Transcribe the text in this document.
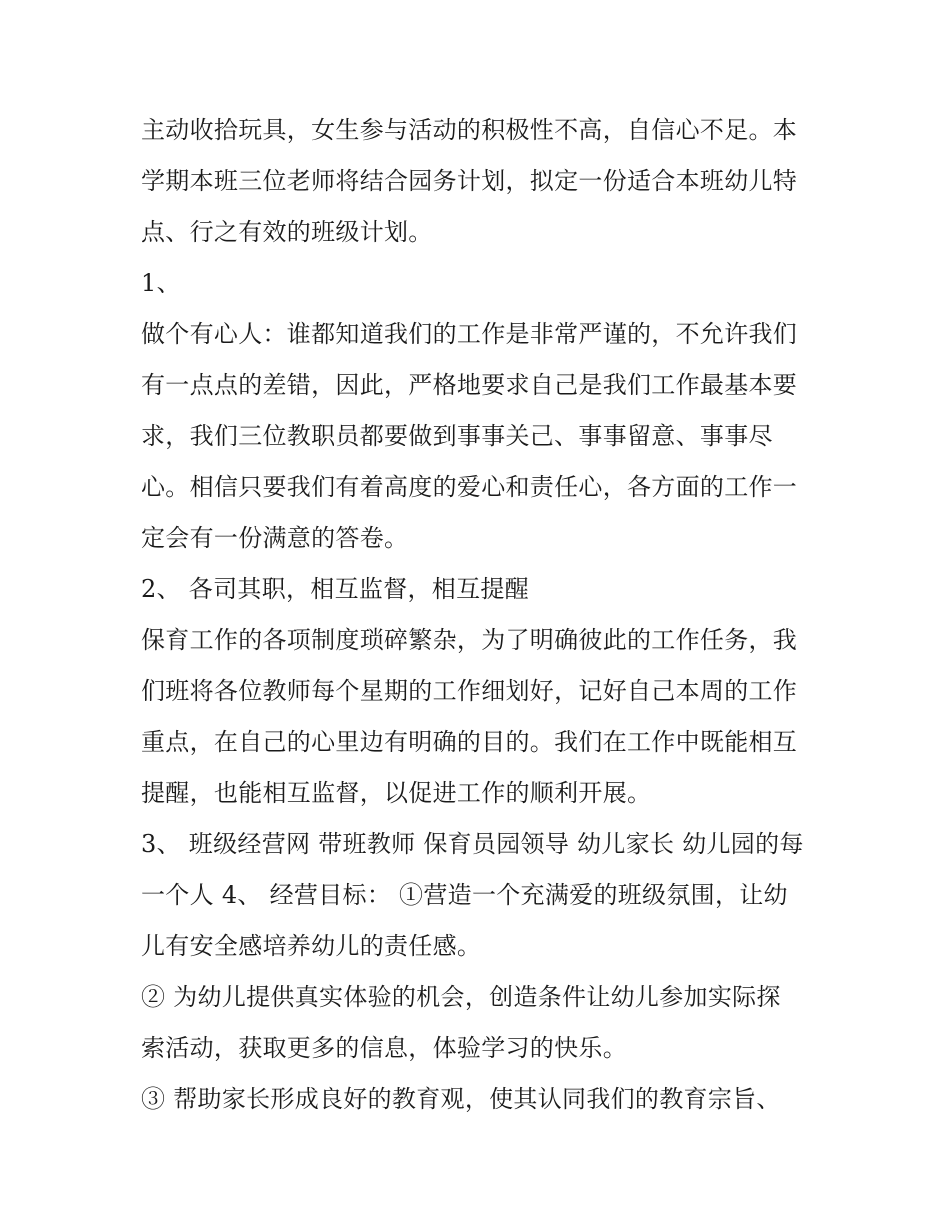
主动收拾玩具，女生参与活动的积极性不高，自信心不足。本

学期本班三位老师将结合园务计划，拟定一份适合本班幼儿特

点、行之有效的班级计划。

1、

做个有心人：谁都知道我们的工作是非常严谨的，不允许我们

有一点点的差错，因此，严格地要求自己是我们工作最基本要

求，我们三位教职员都要做到事事关己、事事留意、事事尽

心。相信只要我们有着高度的爱心和责任心，各方面的工作一

定会有一份满意的答卷。

2、 各司其职，相互监督，相互提醒

保育工作的各项制度琐碎繁杂，为了明确彼此的工作任务，我

们班将各位教师每个星期的工作细划好，记好自己本周的工作

重点，在自己的心里边有明确的目的。我们在工作中既能相互

提醒，也能相互监督，以促进工作的顺利开展。

3、 班级经营网 带班教师 保育员园领导 幼儿家长 幼儿园的每

一个人 4、 经营目标： ①营造一个充满爱的班级氛围，让幼

儿有安全感培养幼儿的责任感。

② 为幼儿提供真实体验的机会，创造条件让幼儿参加实际探

索活动，获取更多的信息，体验学习的快乐。

③ 帮助家长形成良好的教育观，使其认同我们的教育宗旨、
